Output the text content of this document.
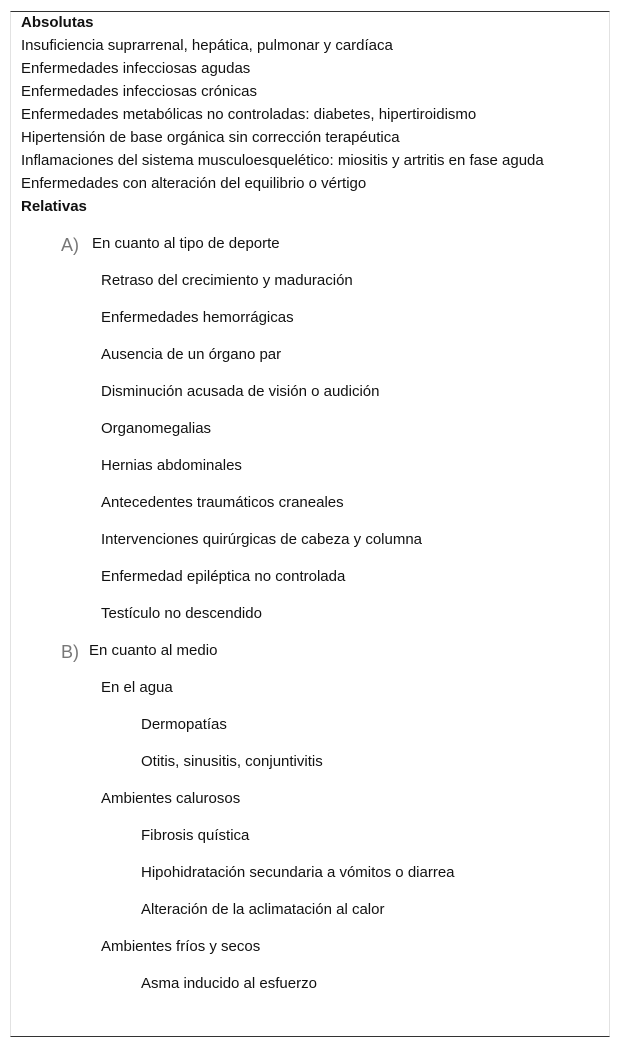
Absolutas
Insuficiencia suprarrenal, hepática, pulmonar y cardíaca
Enfermedades infecciosas agudas
Enfermedades infecciosas crónicas
Enfermedades metabólicas no controladas: diabetes, hipertiroidismo
Hipertensión de base orgánica sin corrección terapéutica
Inflamaciones del sistema musculoesquelético: miositis y artritis en fase aguda
Enfermedades con alteración del equilibrio o vértigo
Relativas
A) En cuanto al tipo de deporte
Retraso del crecimiento y maduración
Enfermedades hemorrágicas
Ausencia de un órgano par
Disminución acusada de visión o audición
Organomegalias
Hernias abdominales
Antecedentes traumáticos craneales
Intervenciones quirúrgicas de cabeza y columna
Enfermedad epiléptica no controlada
Testículo no descendido
B) En cuanto al medio
En el agua
Dermopatías
Otitis, sinusitis, conjuntivitis
Ambientes calurosos
Fibrosis quística
Hipohidratación secundaria a vómitos o diarrea
Alteración de la aclimatación al calor
Ambientes fríos y secos
Asma inducido al esfuerzo
